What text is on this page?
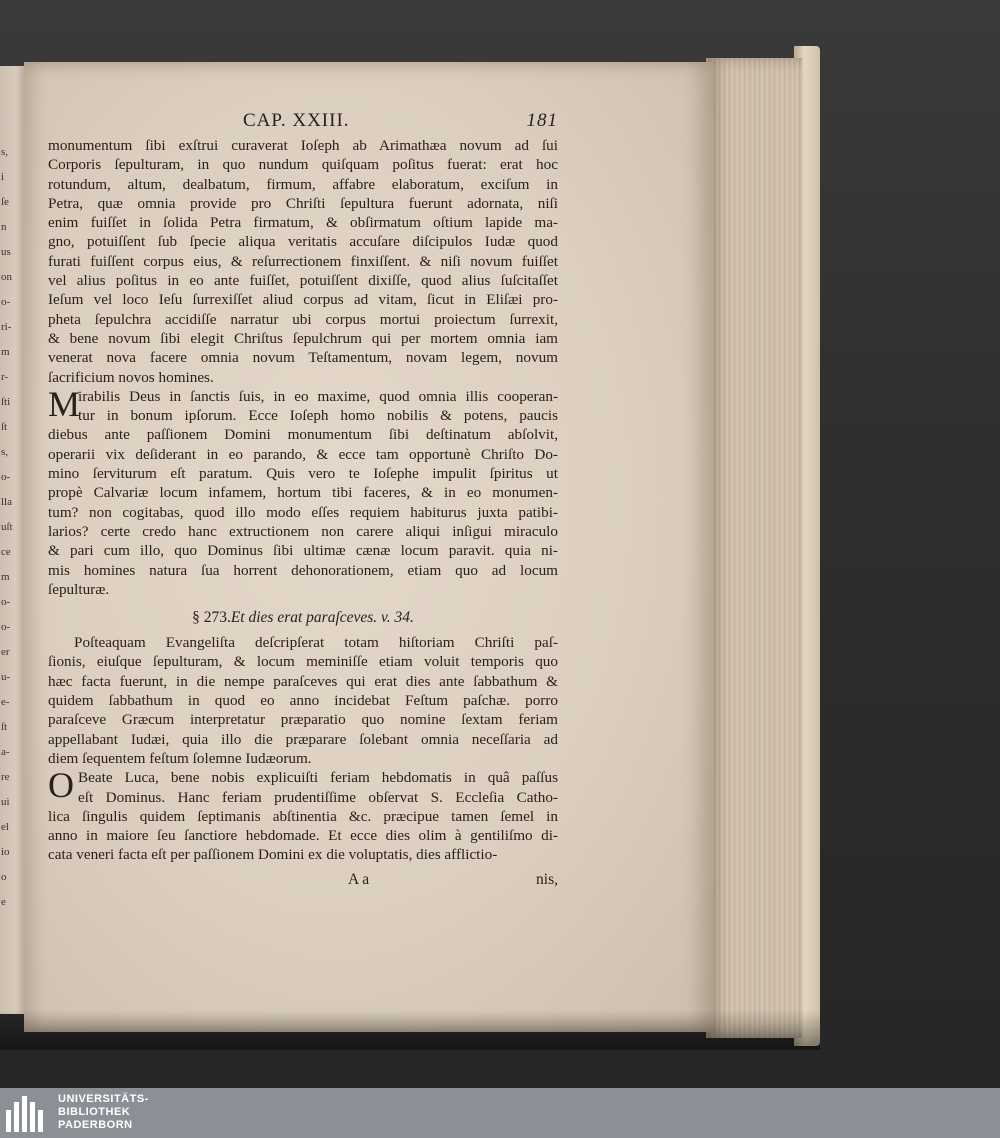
s,
i
ſe
n
us
on
o-
ri-
m
r-
ſti
ſt
s,
o-
lla
uſt
ce
m
o-
o-
er
u-
e-
ſt
a-
re
ui
el
io
o
e
CAP. XXIII.	181
monumentum ſibi exſtrui curaverat Ioſeph ab Arimathæa novum ad ſui
Corporis ſepulturam, in quo nundum quiſquam poſitus fuerat: erat hoc
rotundum, altum, dealbatum, firmum, affabre elaboratum, exciſum in
Petra, quæ omnia provide pro Chriſti ſepultura fuerunt adornata, niſi
enim fuiſſet in ſolida Petra firmatum, & obſirmatum oſtium lapide ma-
gno, potuiſſent ſub ſpecie aliqua veritatis accuſare diſcipulos Iudæ quod
furati fuiſſent corpus eius, & reſurrectionem finxiſſent. & niſi novum fuiſſet
vel alius poſitus in eo ante fuiſſet, potuiſſent dixiſſe, quod alius ſuſcitaſſet
Ieſum vel loco Ieſu ſurrexiſſet aliud corpus ad vitam, ſicut in Eliſæi pro-
pheta ſepulchra accidiſſe narratur ubi corpus mortui proiectum ſurrexit,
& bene novum ſibi elegit Chriſtus ſepulchrum qui per mortem omnia iam
venerat nova facere omnia novum Teſtamentum, novam legem, novum
ſacrificium novos homines.
M
irabilis Deus in ſanctis ſuis, in eo maxime, quod omnia illis cooperan-
tur in bonum ipſorum. Ecce Ioſeph homo nobilis & potens, paucis
diebus ante paſſionem Domini monumentum ſibi deſtinatum abſolvit,
operarii vix deſiderant in eo parando, & ecce tam opportunè Chriſto Do-
mino ſerviturum eſt paratum. Quis vero te Ioſephe impulit ſpiritus ut
propè Calvariæ locum infamem, hortum tibi faceres, & in eo monumen-
tum? non cogitabas, quod illo modo eſſes requiem habiturus juxta patibi-
larios? certe credo hanc extructionem non carere aliqui inſigui miraculo
& pari cum illo, quo Dominus ſibi ultimæ cænæ locum paravit. quia ni-
mis homines natura ſua horrent dehonorationem, etiam quo ad locum
ſepulturæ.
§ 273.Et dies erat paraſceves. v. 34.
Poſteaquam Evangeliſta deſcripſerat totam hiſtoriam Chriſti paſ-
ſionis, eiuſque ſepulturam, & locum meminiſſe etiam voluit temporis quo
hæc facta fuerunt, in die nempe paraſceves qui erat dies ante ſabbathum &
quidem ſabbathum in quod eo anno incidebat Feſtum paſchæ. porro
paraſceve Græcum interpretatur præparatio quo nomine ſextam feriam
appellabant Iudæi, quia illo die præparare ſolebant omnia neceſſaria ad
diem ſequentem feſtum ſolemne Iudæorum.
O Beate Luca, bene nobis explicuiſti feriam hebdomatis in quâ paſſus
eſt Dominus. Hanc feriam prudentiſſime obſervat S. Eccleſia Catho-
lica ſingulis quidem ſeptimanis abſtinentia &c. præcipue tamen ſemel in
anno in maiore ſeu ſanctiore hebdomade. Et ecce dies olim à gentiliſmo di-
cata veneri facta eſt per paſſionem Domini ex die voluptatis, dies afflictio-
A a	nis,
UNIVERSITÄTS-
BIBLIOTHEK
PADERBORN
